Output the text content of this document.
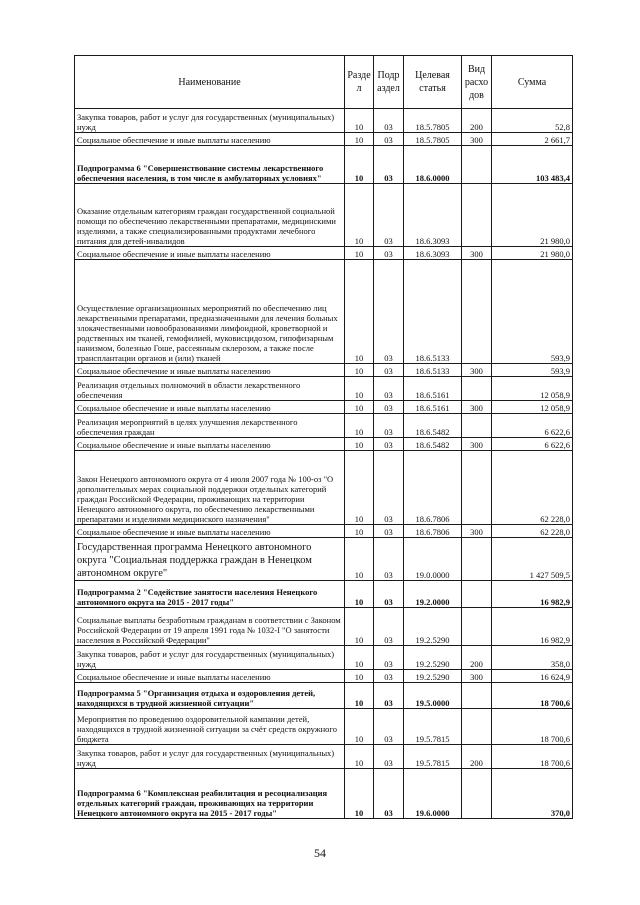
Наименование	Разде л	Подр аздел	Целевая статья	Вид расхо дов	Сумма
Закупка товаров, работ и услуг для государственных (муниципальных) нужд	10	03	18.5.7805	200	52,8
Социальное обеспечение и иные выплаты населению	10	03	18.5.7805	300	2 661,7
Подпрограмма 6 "Совершенствование системы лекарственного обеспечения населения, в том числе в амбулаторных условиях"	10	03	18.6.0000		103 483,4
Оказание отдельным категориям граждан государственной социальной помощи по обеспечению лекарственными препаратами, медицинскими изделиями, а также специализированными продуктами лечебного питания для детей-инвалидов	10	03	18.6.3093		21 980,0
Социальное обеспечение и иные выплаты населению	10	03	18.6.3093	300	21 980,0
Осуществление организационных мероприятий по обеспечению лиц лекарственными препаратами, предназначенными для лечения больных злокачественными новообразованиями лимфоидной, кроветворной и родственных им тканей, гемофилией, муковисцидозом, гипофизарным нанизмом, болезнью Гоше, рассеянным склерозом, а также после трансплантации органов и (или) тканей	10	03	18.6.5133		593,9
Социальное обеспечение и иные выплаты населению	10	03	18.6.5133	300	593,9
Реализация отдельных полномочий в области лекарственного обеспечения	10	03	18.6.5161		12 058,9
Социальное обеспечение и иные выплаты населению	10	03	18.6.5161	300	12 058,9
Реализация мероприятий в целях улучшения лекарственного обеспечения граждан	10	03	18.6.5482		6 622,6
Социальное обеспечение и иные выплаты населению	10	03	18.6.5482	300	6 622,6
Закон Ненецкого автономного округа от 4 июля 2007 года № 100-оз "О дополнительных мерах социальной поддержки отдельных категорий граждан Российской Федерации, проживающих на территории Ненецкого автономного округа, по обеспечению лекарственными препаратами и изделиями медицинского назначения"	10	03	18.6.7806		62 228,0
Социальное обеспечение и иные выплаты населению	10	03	18.6.7806	300	62 228,0
Государственная программа Ненецкого автономного округа "Социальная поддержка граждан в Ненецком автономном округе"	10	03	19.0.0000		1 427 509,5
Подпрограмма 2 "Содействие занятости населения Ненецкого автономного округа на 2015 - 2017 годы"	10	03	19.2.0000		16 982,9
Социальные выплаты безработным гражданам в соответствии с Законом Российской Федерации от 19 апреля 1991 года № 1032-I "О занятости населения в Российской Федерации"	10	03	19.2.5290		16 982,9
Закупка товаров, работ и услуг для государственных (муниципальных) нужд	10	03	19.2.5290	200	358,0
Социальное обеспечение и иные выплаты населению	10	03	19.2.5290	300	16 624,9
Подпрограмма 5 "Организация отдыха и оздоровления детей, находящихся в трудной жизненной ситуации"	10	03	19.5.0000		18 700,6
Мероприятия по проведению оздоровительной кампании детей, находящихся в трудной жизненной ситуации за счёт средств окружного бюджета	10	03	19.5.7815		18 700,6
Закупка товаров, работ и услуг для государственных (муниципальных) нужд	10	03	19.5.7815	200	18 700,6
Подпрограмма 6 "Комплексная реабилитация и ресоциализация отдельных категорий граждан, проживающих на территории Ненецкого автономного округа на 2015 - 2017 годы"	10	03	19.6.0000		370,0
54
